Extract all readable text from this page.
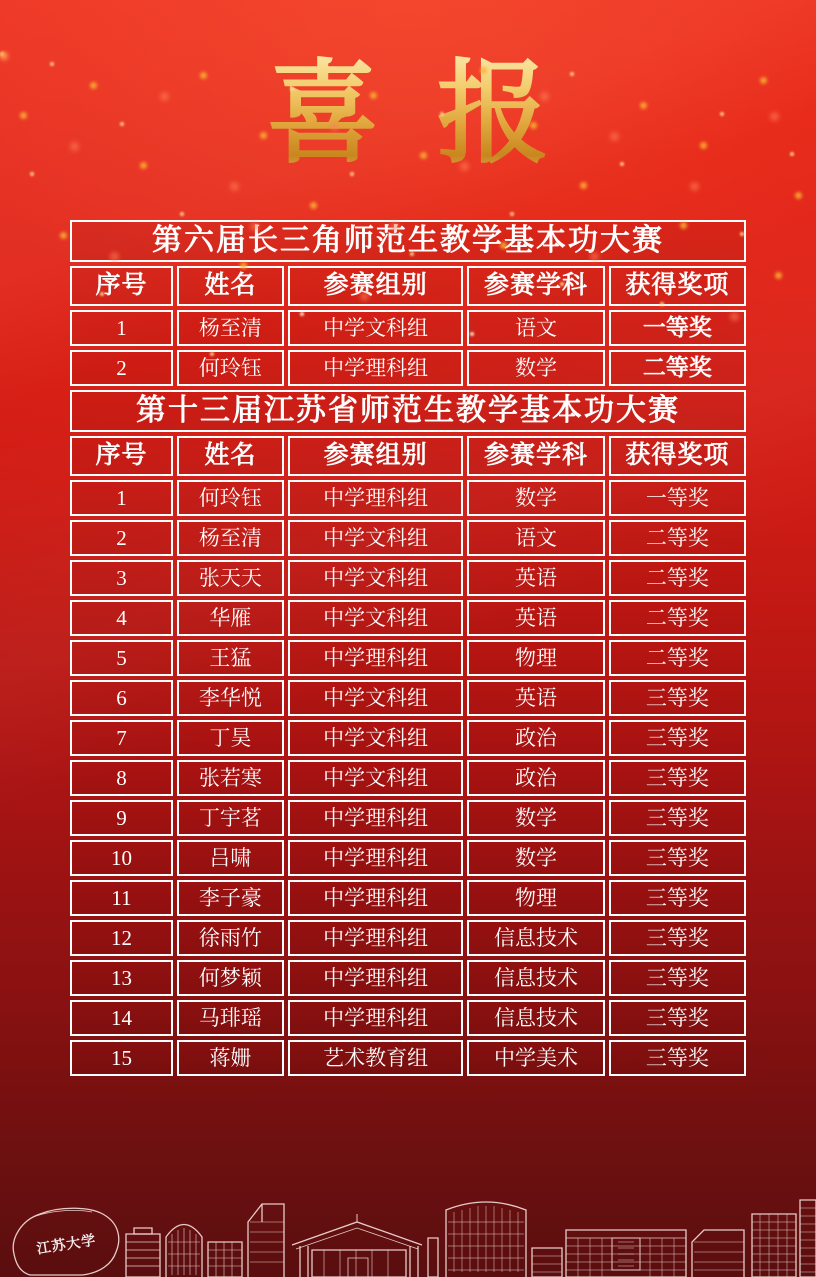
喜报
第六届长三角师范生教学基本功大赛				
序号	姓名	参赛组别	参赛学科	获得奖项
1	杨至清	中学文科组	语文	一等奖
2	何玲钰	中学理科组	数学	二等奖
第十三届江苏省师范生教学基本功大赛				
序号	姓名	参赛组别	参赛学科	获得奖项
1	何玲钰	中学理科组	数学	一等奖
2	杨至清	中学文科组	语文	二等奖
3	张天天	中学文科组	英语	二等奖
4	华雁	中学文科组	英语	二等奖
5	王猛	中学理科组	物理	二等奖
6	李华悦	中学文科组	英语	三等奖
7	丁昊	中学文科组	政治	三等奖
8	张若寒	中学文科组	政治	三等奖
9	丁宇茗	中学理科组	数学	三等奖
10	吕啸	中学理科组	数学	三等奖
11	李子豪	中学理科组	物理	三等奖
12	徐雨竹	中学理科组	信息技术	三等奖
13	何梦颖	中学理科组	信息技术	三等奖
14	马琲瑶	中学理科组	信息技术	三等奖
15	蒋姗	艺术教育组	中学美术	三等奖
江苏大学
